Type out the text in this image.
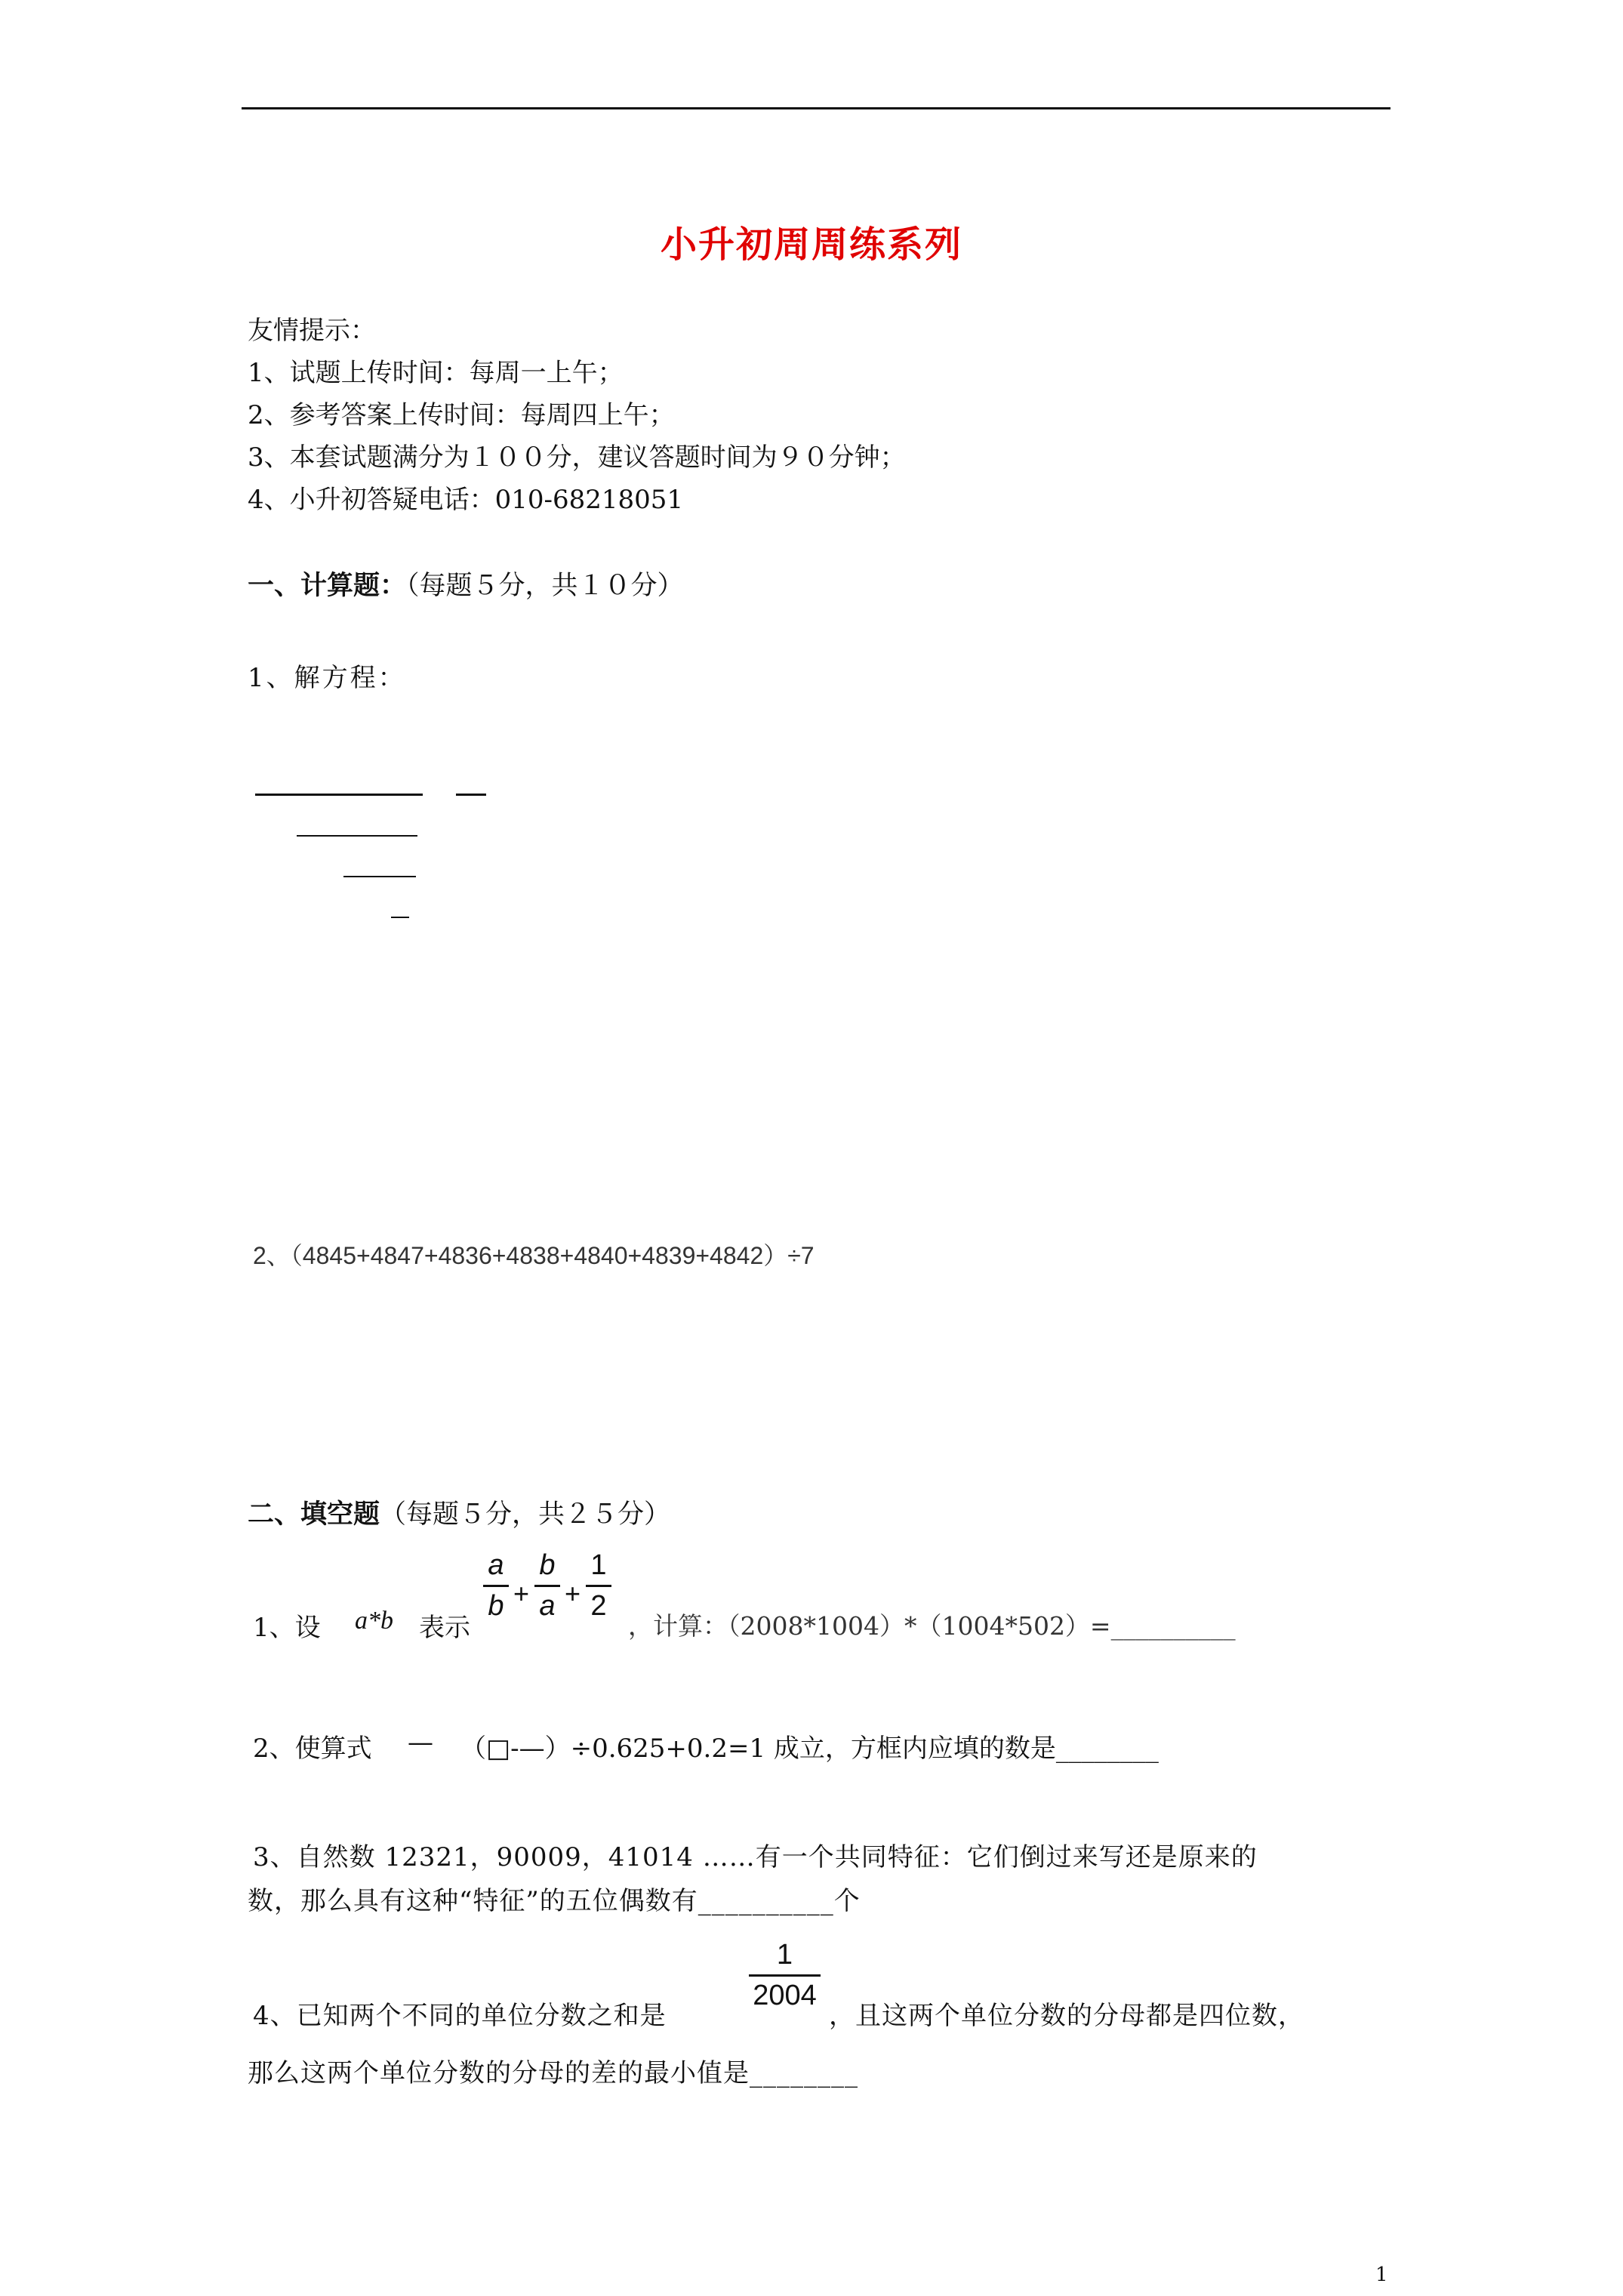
小升初周周练系列
友情提示：
1、试题上传时间：每周一上午；
2、参考答案上传时间：每周四上午；
3、本套试题满分为１００分，建议答题时间为９０分钟；
4、小升初答疑电话：010-68218051
一、计算题：（每题５分，共１０分）
1、解方程：
2、（4845+4847+4836+4838+4840+4839+4842）÷7
二、填空题（每题５分，共２５分）
1、设 a*b 表示
a
b +
b
a +
1
2
，计算：（2008*1004）*（1004*502）=__________
2、使算式 — （□-—）÷0.625+0.2=1 成立，方框内应填的数是________
3、自然数 12321，90009，41014 ……有一个共同特征：它们倒过来写还是原来的
数，那么具有这种“特征”的五位偶数有__________个
4、已知两个不同的单位分数之和是
1
2004
，且这两个单位分数的分母都是四位数，
那么这两个单位分数的分母的差的最小值是________
1
